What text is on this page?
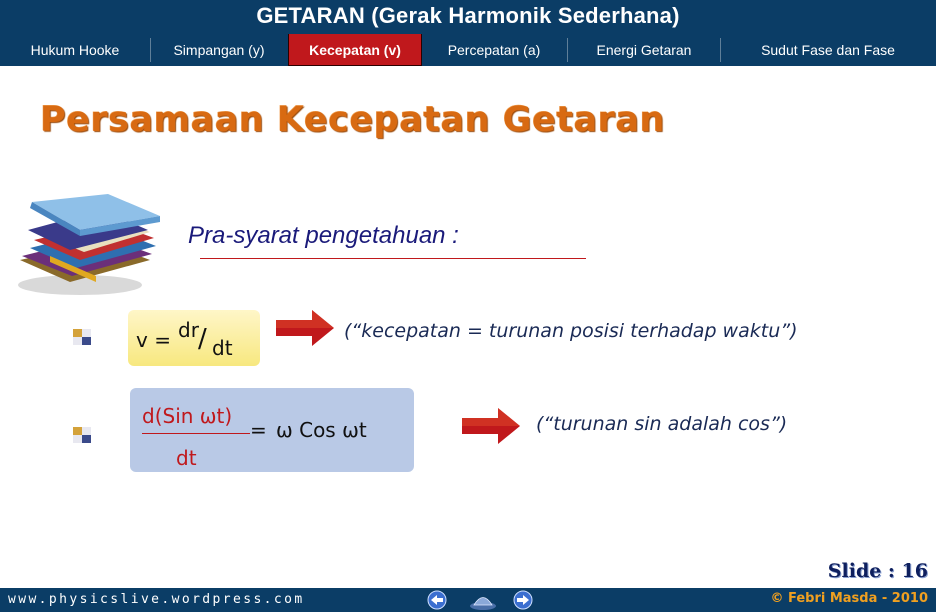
GETARAN (Gerak Harmonik Sederhana)
Hukum Hooke	Simpangan (y)	Kecepatan (v)	Percepatan (a)	Energi Getaran	Sudut Fase dan Fase
Persamaan Kecepatan Getaran
Pra-syarat pengetahuan :
v = dr / dt
(“kecepatan = turunan posisi terhadap waktu”)
d(Sin ωt)
dt
= ω Cos ωt	(“turunan sin adalah cos”)
Slide : 16
www.physicslive.wordpress.com	© Febri Masda - 2010
